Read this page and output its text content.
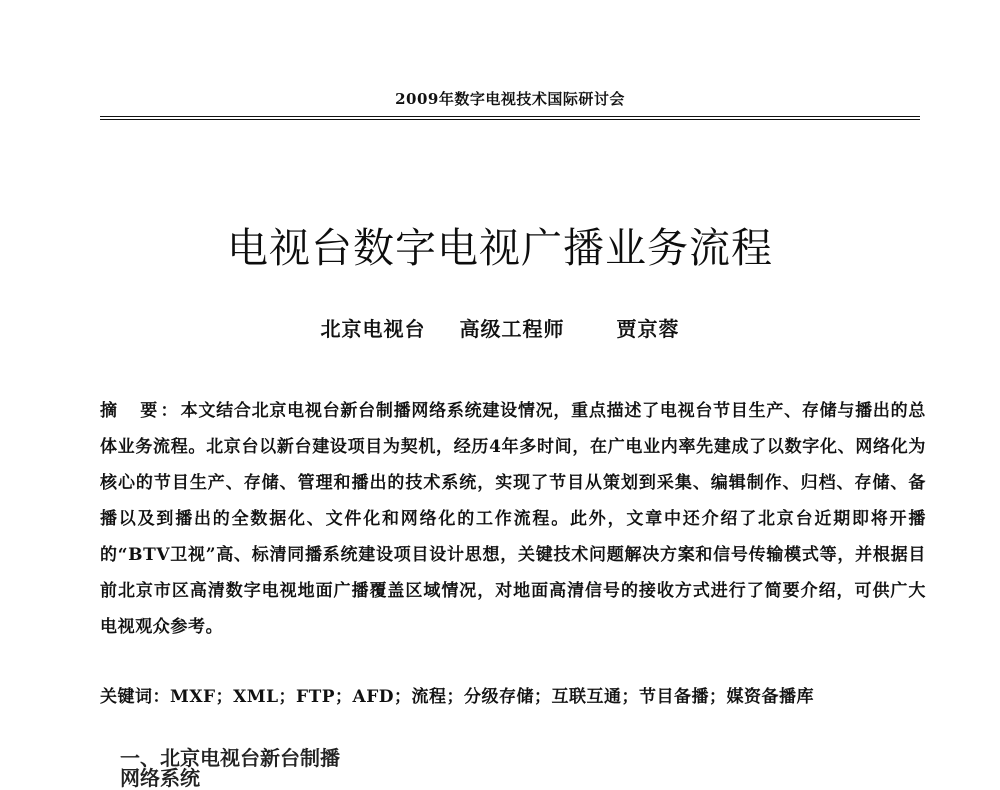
2009年数字电视技术国际研讨会
电视台数字电视广播业务流程
北京电视台 高级工程师	贾京蓉
摘　要：本文结合北京电视台新台制播网络系统建设情况，重点描述了电视台节目生产、存储与播出的总体业务流程。北京台以新台建设项目为契机，经历4年多时间，在广电业内率先建成了以数字化、网络化为核心的节目生产、存储、管理和播出的技术系统，实现了节目从策划到采集、编辑制作、归档、存储、备播以及到播出的全数据化、文件化和网络化的工作流程。此外，文章中还介绍了北京台近期即将开播的“BTV卫视”高、标清同播系统建设项目设计思想，关键技术问题解决方案和信号传输模式等，并根据目前北京市区高清数字电视地面广播覆盖区域情况，对地面高清信号的接收方式进行了简要介绍，可供广大电视观众参考。
关键词：MXF；XML；FTP；AFD；流程；分级存储；互联互通；节目备播；媒资备播库
一、北京电视台新台制播网络系统
